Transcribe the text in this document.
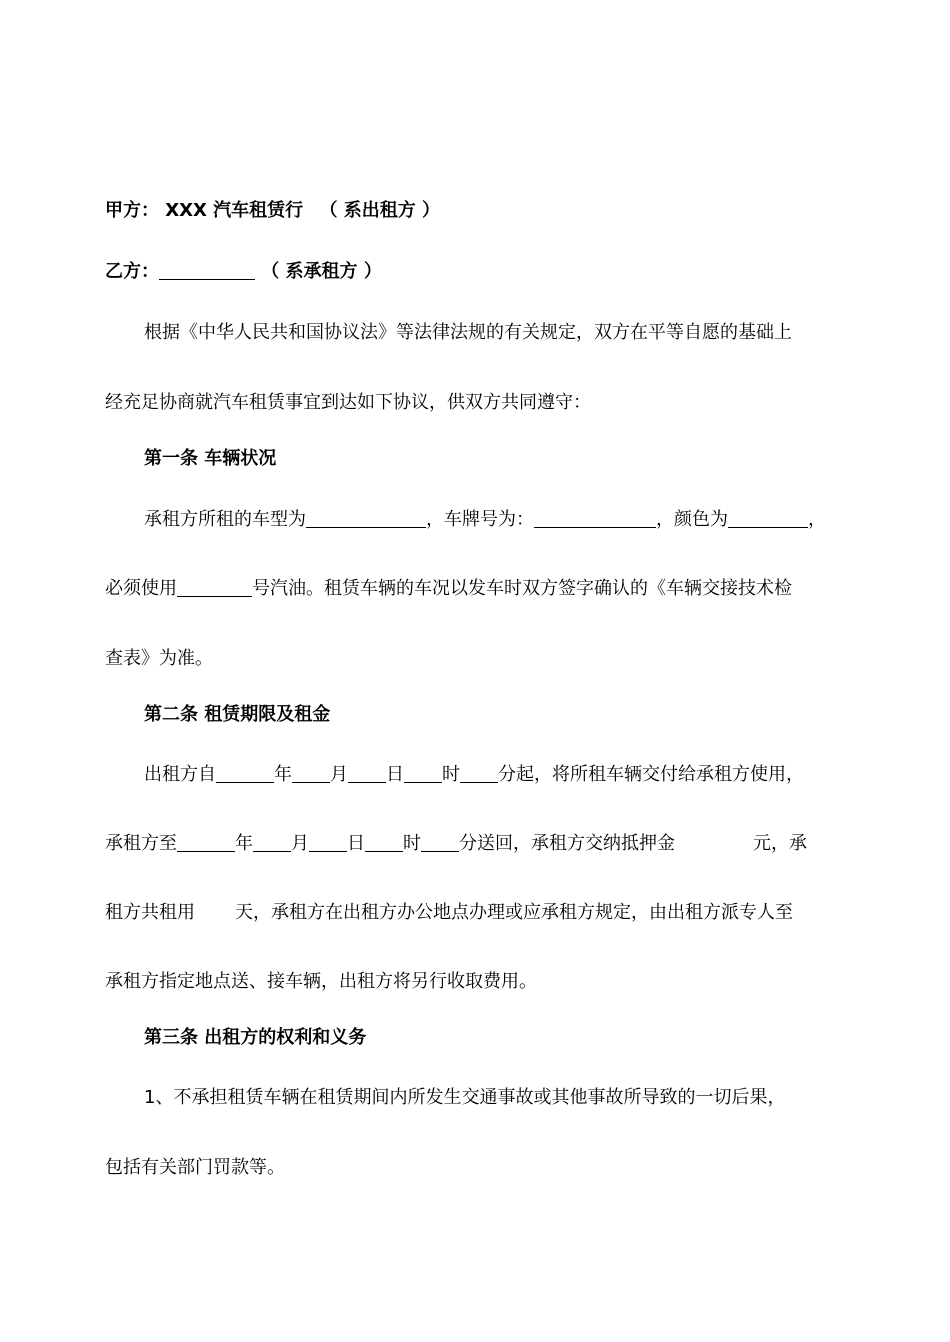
甲方： XXX 汽车租赁行 （ 系出租方 ）
乙方：	（ 系承租方 ）
根据《中华人民共和国协议法》等法律法规的有关规定，双方在平等自愿的基础上
经充足协商就汽车租赁事宜到达如下协议，供双方共同遵守：
第一条 车辆状况
承租方所租的车型为	，车牌号为：	，颜色为	，
必须使用	号汽油。租赁车辆的车况以发车时双方签字确认的《车辆交接技术检
查表》为准。
第二条 租赁期限及租金
出租方自	年 月 日 时 分起，将所租车辆交付给承租方使用，
承租方至	年 月 日 时 分送回，承租方交纳抵押金	元，承
租方共租用 天，承租方在出租方办公地点办理或应承租方规定，由出租方派专人至
承租方指定地点送、接车辆，出租方将另行收取费用。
第三条 出租方的权利和义务
1、不承担租赁车辆在租赁期间内所发生交通事故或其他事故所导致的一切后果，
包括有关部门罚款等。
